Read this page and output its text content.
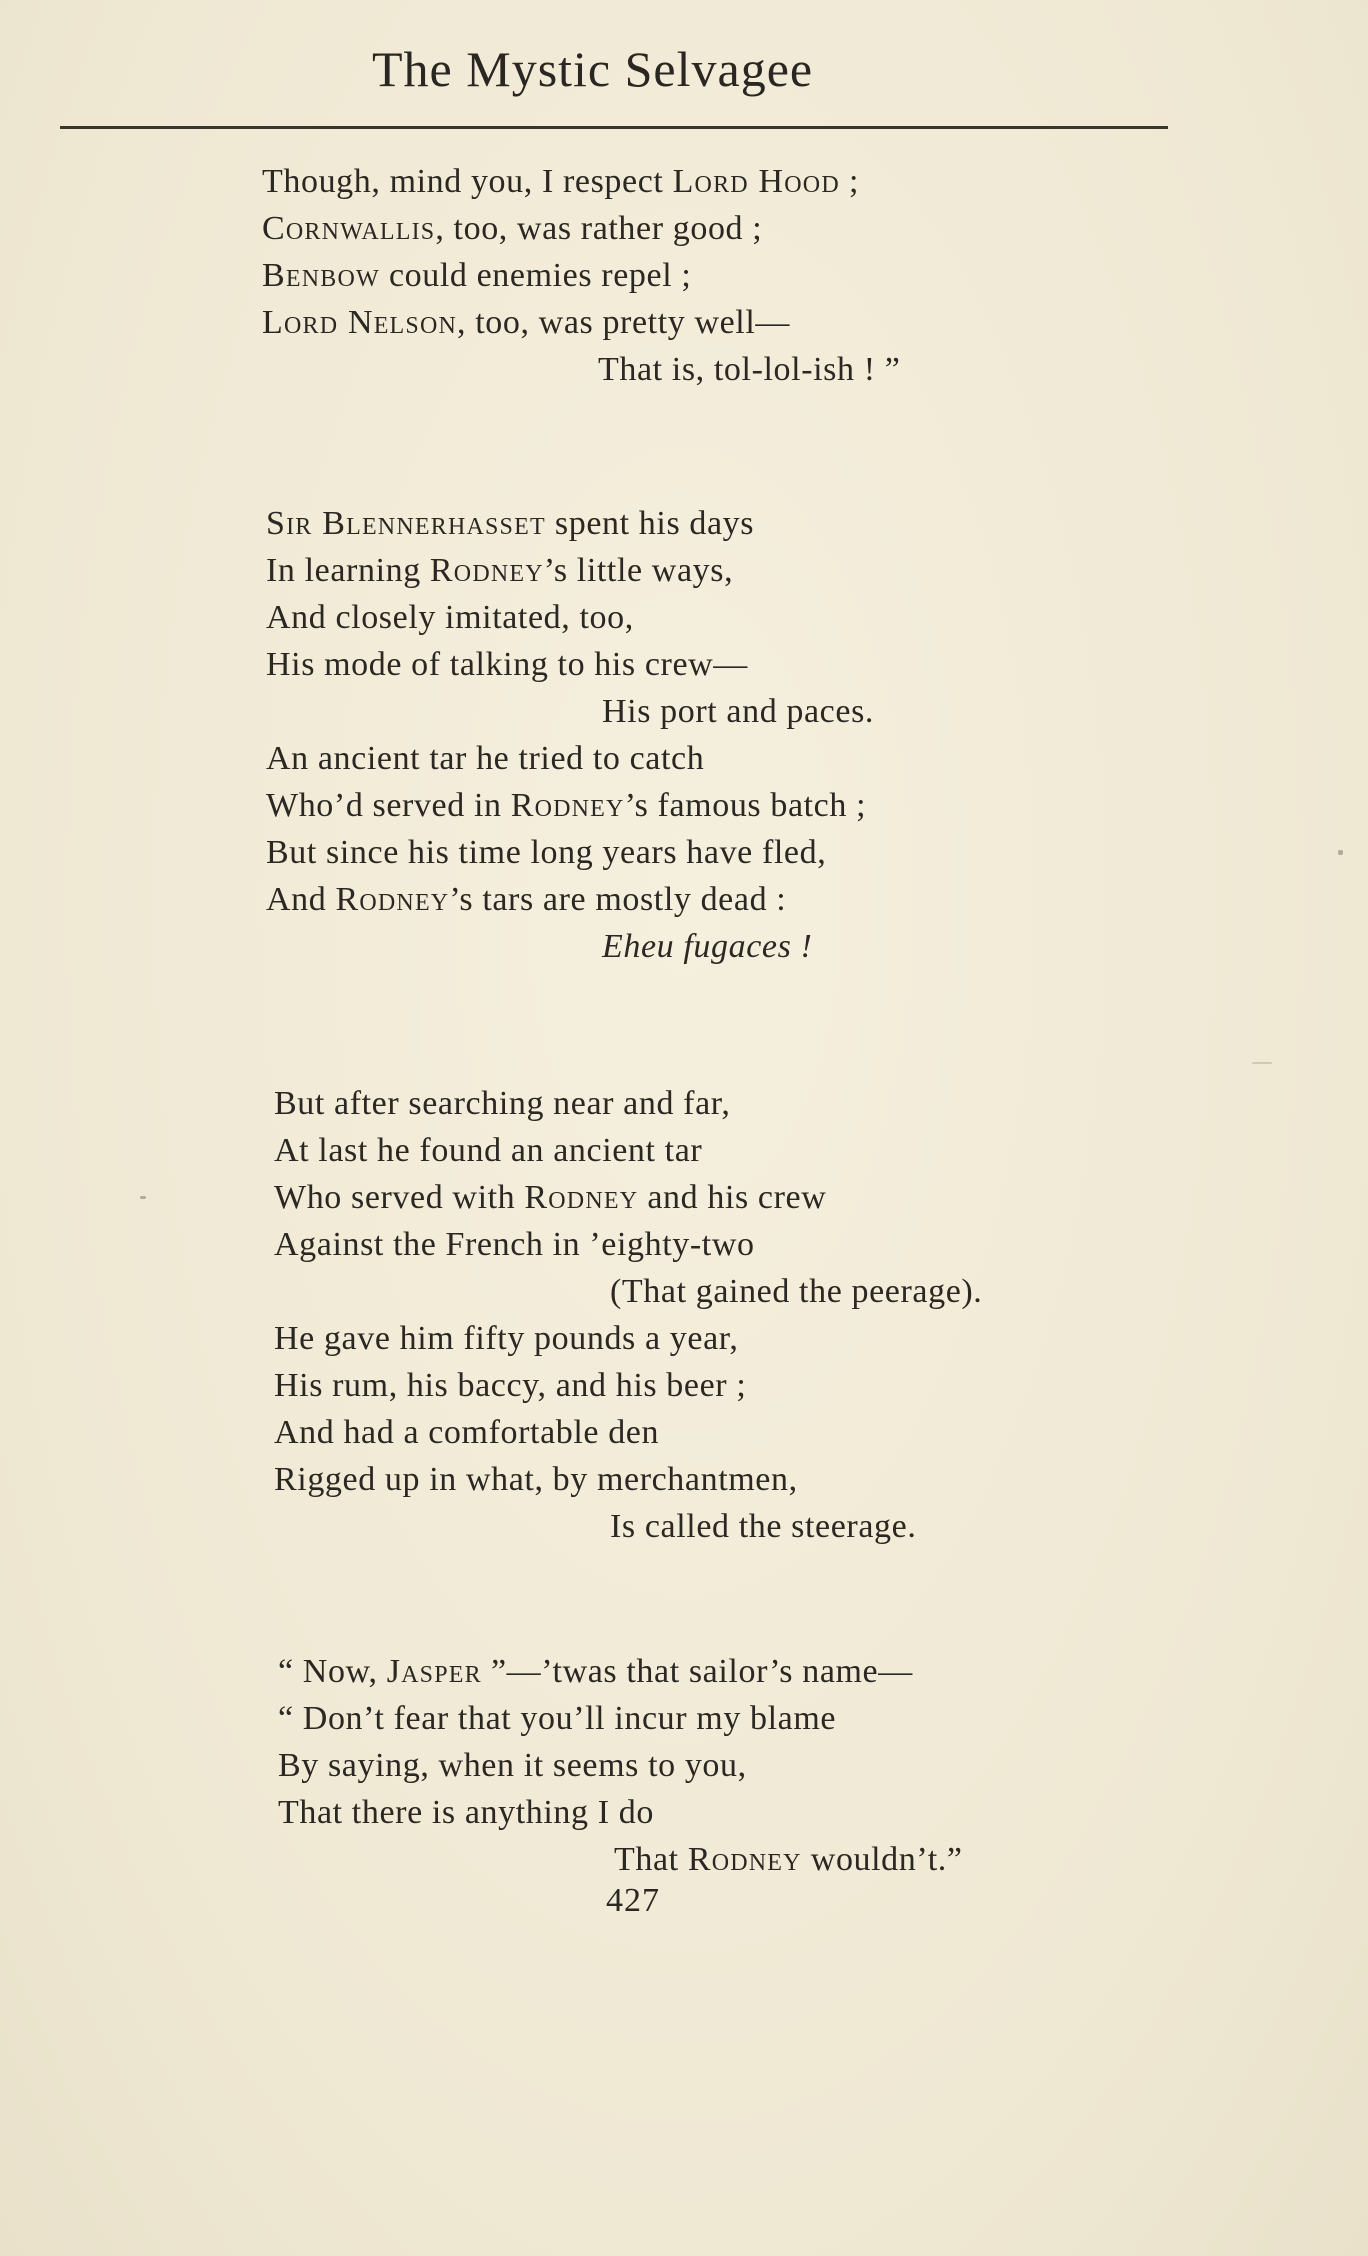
The Mystic Selvagee
Though, mind you, I respect Lord Hood ;
Cornwallis, too, was rather good ;
Benbow could enemies repel ;
Lord Nelson, too, was pretty well—
That is, tol-lol-ish ! ”
Sir Blennerhasset spent his days
In learning Rodney’s little ways,
And closely imitated, too,
His mode of talking to his crew—
His port and paces.
An ancient tar he tried to catch
Who’d served in Rodney’s famous batch ;
But since his time long years have fled,
And Rodney’s tars are mostly dead :
Eheu fugaces !
But after searching near and far,
At last he found an ancient tar
Who served with Rodney and his crew
Against the French in ’eighty-two
(That gained the peerage).
He gave him fifty pounds a year,
His rum, his baccy, and his beer ;
And had a comfortable den
Rigged up in what, by merchantmen,
Is called the steerage.
“ Now, Jasper ”—’twas that sailor’s name—
“ Don’t fear that you’ll incur my blame
By saying, when it seems to you,
That there is anything I do
That Rodney wouldn’t.”
427
